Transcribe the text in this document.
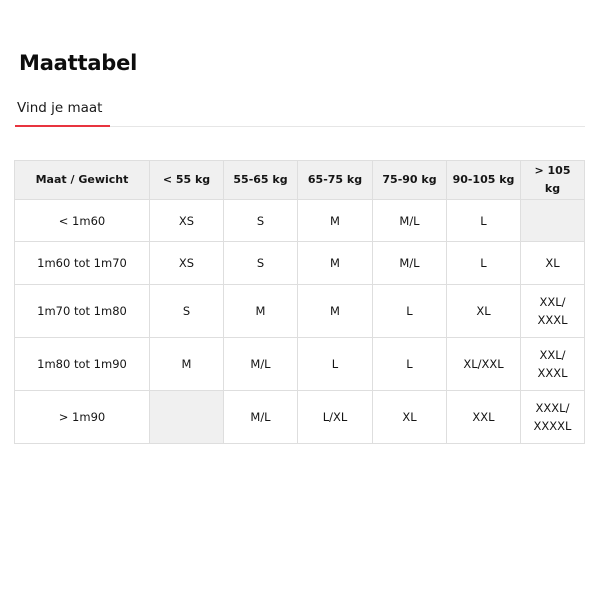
Maattabel
Vind je maat
Maat / Gewicht	< 55 kg	55-65 kg	65-75 kg	75-90 kg	90-105 kg	> 105 kg
< 1m60	XS	S	M	M/L	L	

1m60 tot 1m70	XS	S	M	M/L	L	XL

1m70 tot 1m80	S	M	M	L	XL	XXL/
XXXL

1m80 tot 1m90	M	M/L	L	L	XL/XXL	XXL/
XXXL

> 1m90		M/L	L/XL	XL	XXL	XXXL/
XXXXL
